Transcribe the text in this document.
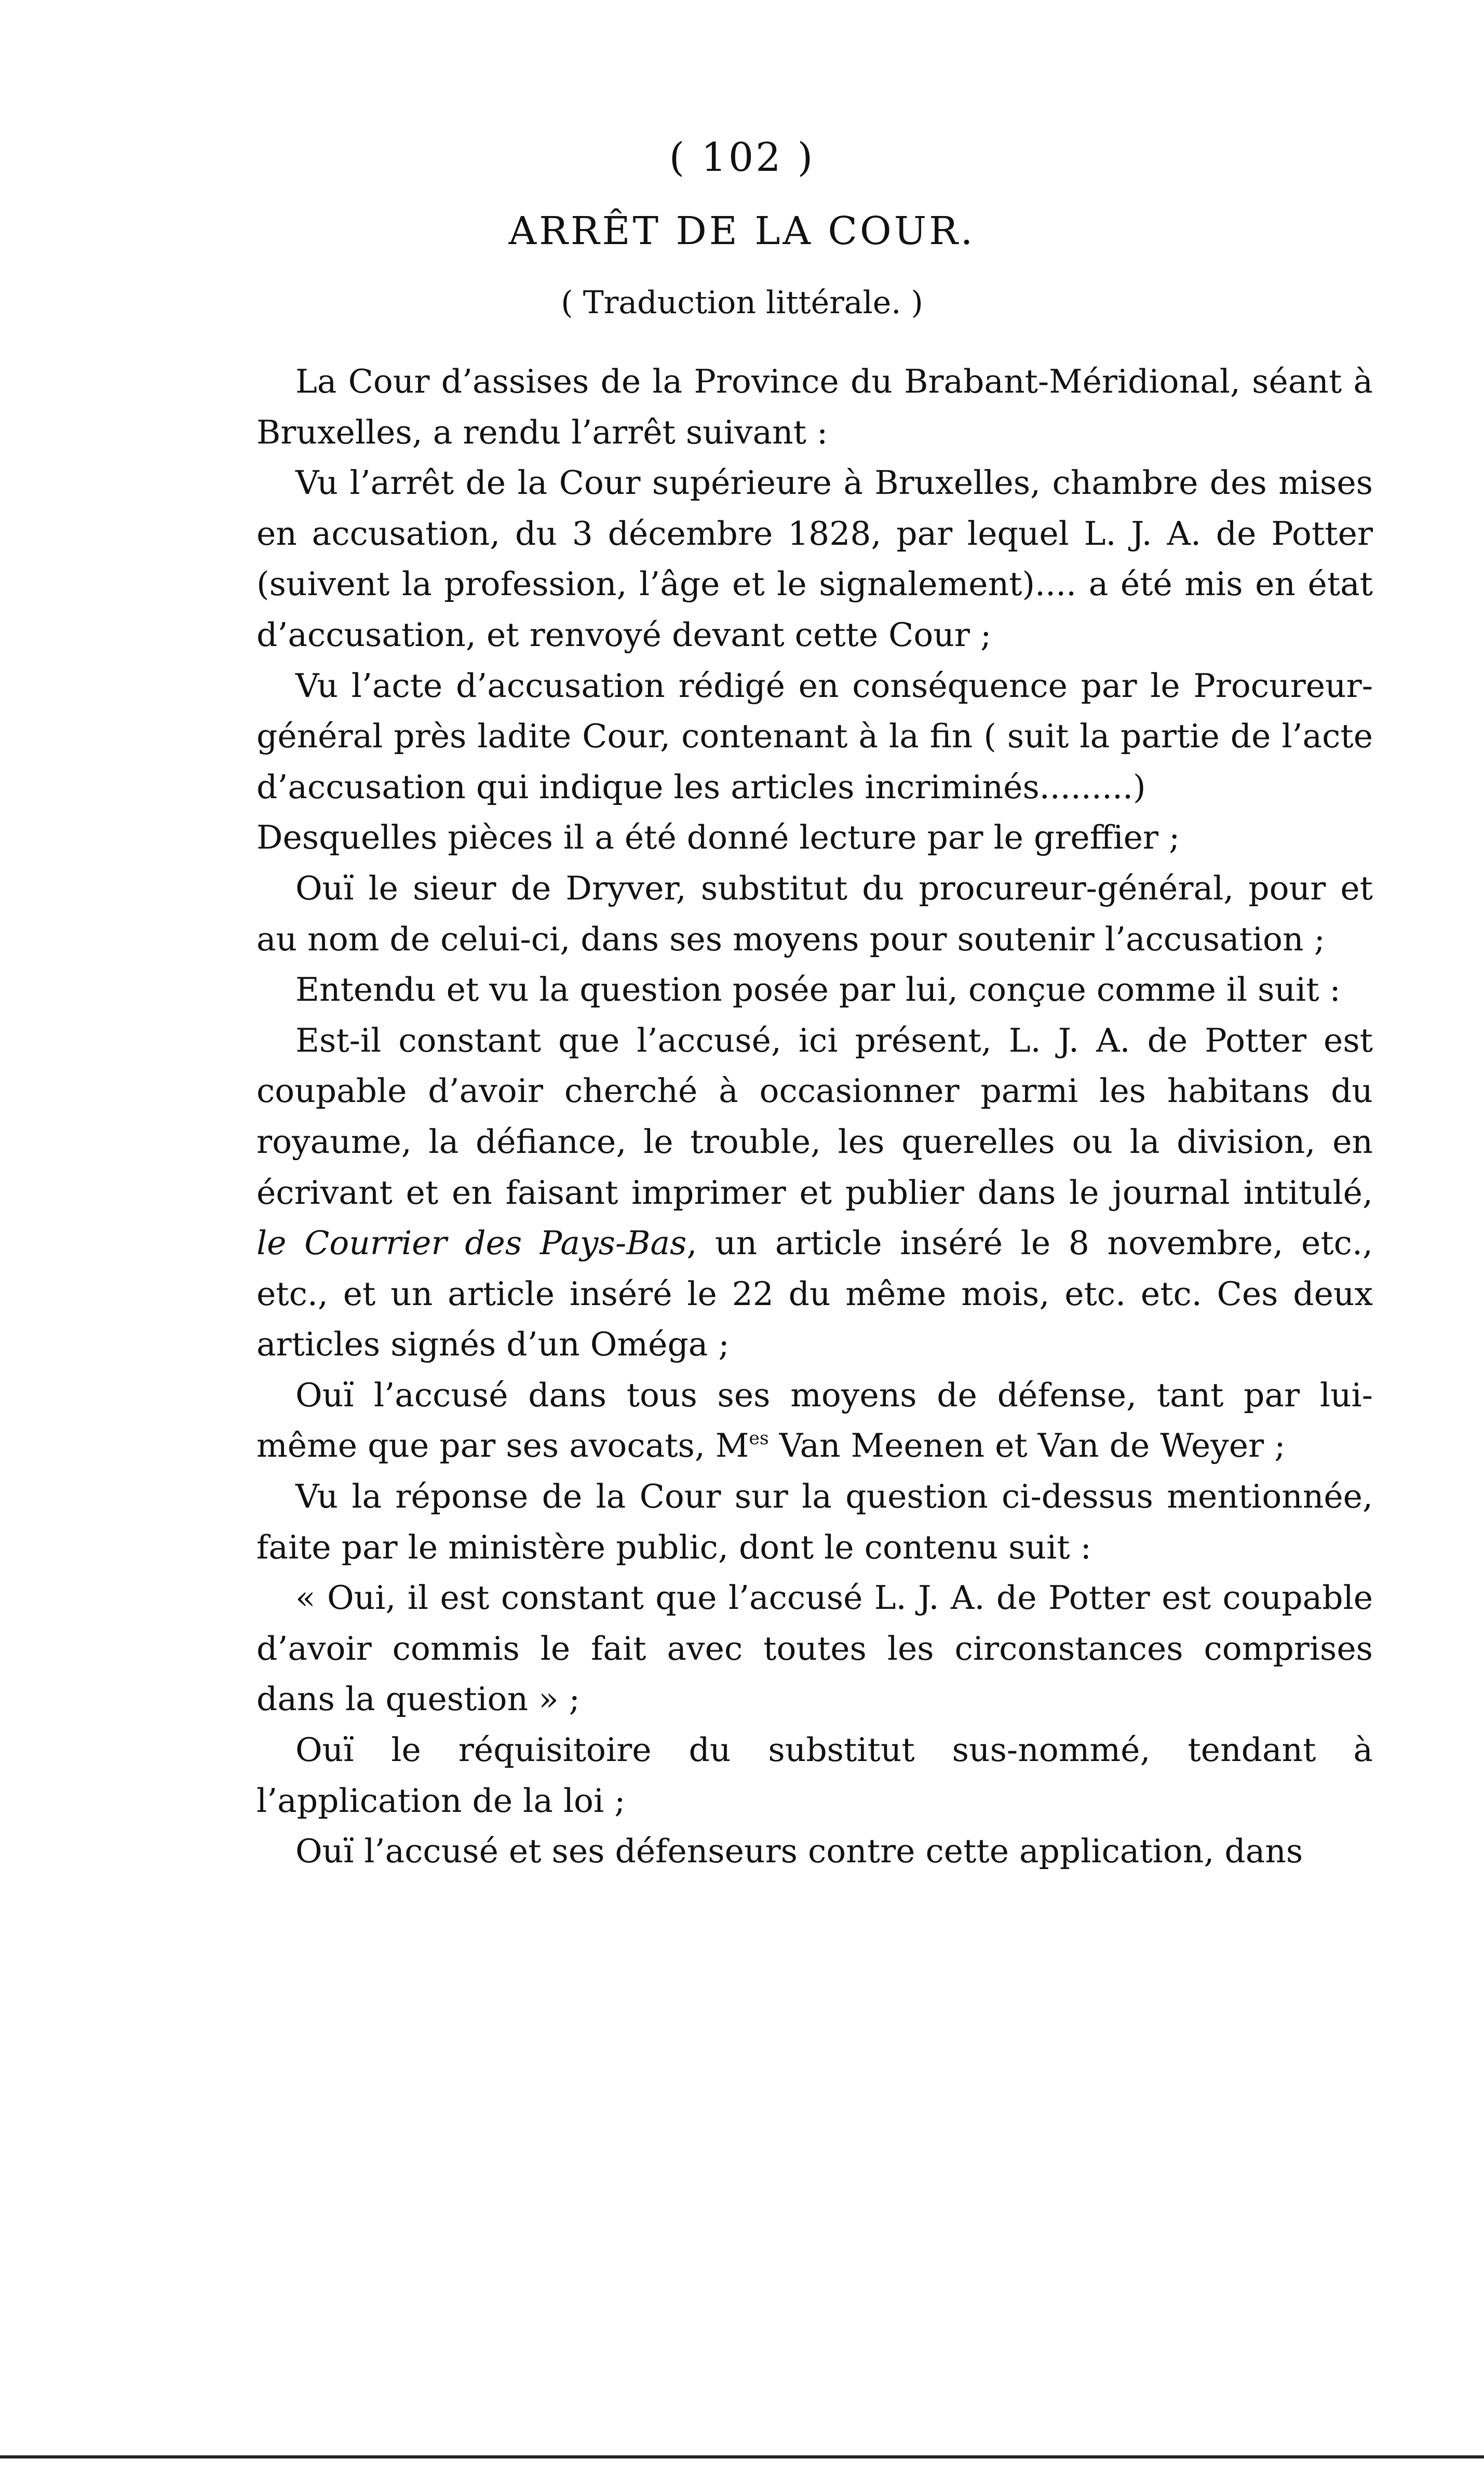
( 102 )
ARRÊT DE LA COUR.
( Traduction littérale. )

La Cour d’assises de la Province du Brabant-Méridional, séant à Bruxelles, a rendu l’arrêt suivant :

Vu l’arrêt de la Cour supérieure à Bruxelles, chambre des mises en accusation, du 3 décembre 1828, par lequel L. J. A. de Potter (suivent la profession, l’âge et le signalement).... a été mis en état d’accusation, et renvoyé devant cette Cour ;

Vu l’acte d’accusation rédigé en conséquence par le Procureur-général près ladite Cour, contenant à la fin ( suit la partie de l’acte d’accusation qui indique les articles incriminés.........)

Desquelles pièces il a été donné lecture par le greffier ;

Ouï le sieur de Dryver, substitut du procureur-général, pour et au nom de celui-ci, dans ses moyens pour soutenir l’accusation ;

Entendu et vu la question posée par lui, conçue comme il suit :

Est-il constant que l’accusé, ici présent, L. J. A. de Potter est coupable d’avoir cherché à occasionner parmi les habitans du royaume, la défiance, le trouble, les querelles ou la division, en écrivant et en faisant imprimer et publier dans le journal intitulé, le Courrier des Pays-Bas, un article inséré le 8 novembre, etc., etc., et un article inséré le 22 du même mois, etc. etc. Ces deux articles signés d’un Oméga ;

Ouï l’accusé dans tous ses moyens de défense, tant par lui-même que par ses avocats, $M^{es}$ Van Meenen et Van de Weyer ;

Vu la réponse de la Cour sur la question ci-dessus mentionnée, faite par le ministère public, dont le contenu suit :

« Oui, il est constant que l’accusé L. J. A. de Potter est coupable d’avoir commis le fait avec toutes les circonstances comprises dans la question » ;

Ouï le réquisitoire du substitut sus-nommé, tendant à l’application de la loi ;

Ouï l’accusé et ses défenseurs contre cette application, dans
